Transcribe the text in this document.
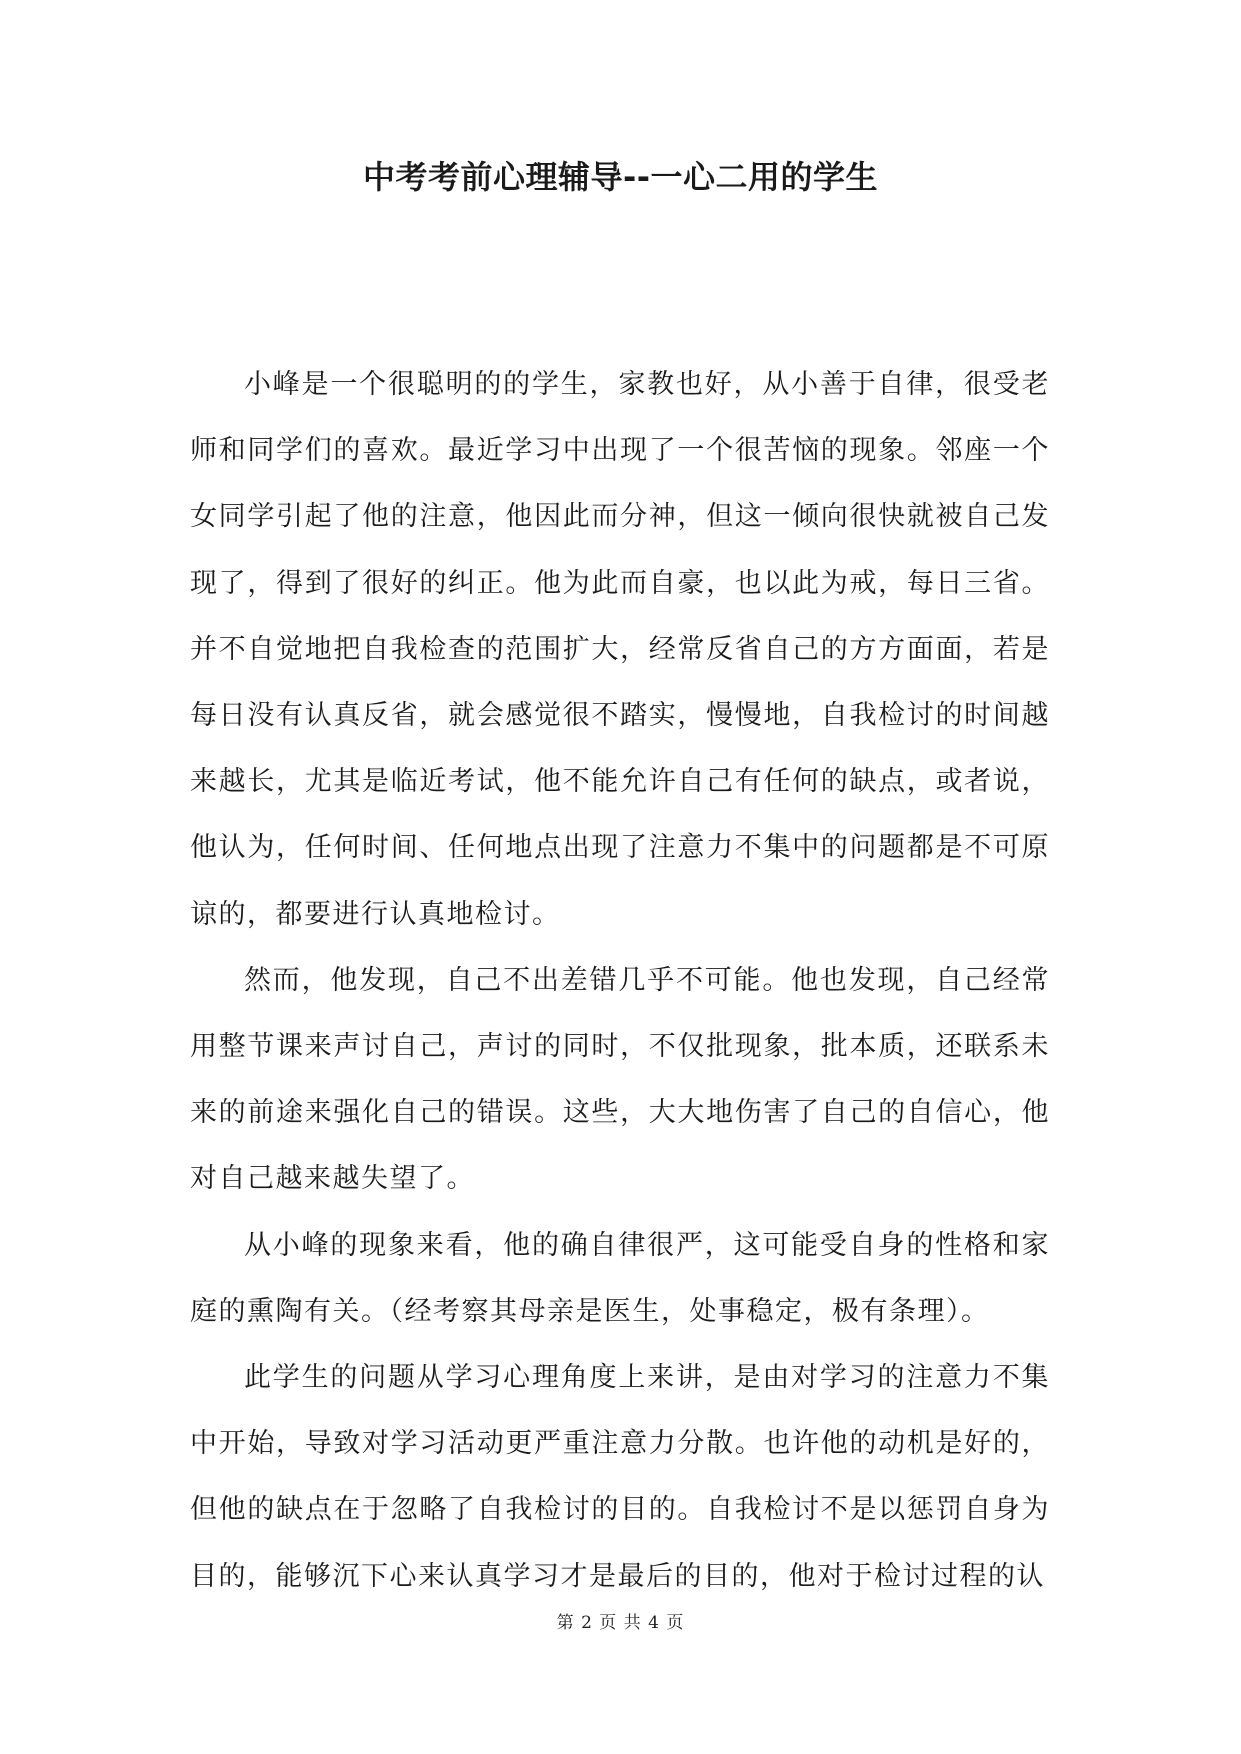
中考考前心理辅导--一心二用的学生

小峰是一个很聪明的的学生，家教也好，从小善于自律，很受老师和同学们的喜欢。最近学习中出现了一个很苦恼的现象。邻座一个女同学引起了他的注意，他因此而分神，但这一倾向很快就被自己发现了，得到了很好的纠正。他为此而自豪，也以此为戒，每日三省。并不自觉地把自我检查的范围扩大，经常反省自己的方方面面，若是每日没有认真反省，就会感觉很不踏实，慢慢地，自我检讨的时间越来越长，尤其是临近考试，他不能允许自己有任何的缺点，或者说，他认为，任何时间、任何地点出现了注意力不集中的问题都是不可原谅的，都要进行认真地检讨。

然而，他发现，自己不出差错几乎不可能。他也发现，自己经常用整节课来声讨自己，声讨的同时，不仅批现象，批本质，还联系未来的前途来强化自己的错误。这些，大大地伤害了自己的自信心，他对自己越来越失望了。

从小峰的现象来看，他的确自律很严，这可能受自身的性格和家庭的熏陶有关。（经考察其母亲是医生，处事稳定，极有条理）。

此学生的问题从学习心理角度上来讲，是由对学习的注意力不集中开始，导致对学习活动更严重注意力分散。也许他的动机是好的，但他的缺点在于忽略了自我检讨的目的。自我检讨不是以惩罚自身为目的，能够沉下心来认真学习才是最后的目的，他对于检讨过程的认

第 2 页 共 4 页
